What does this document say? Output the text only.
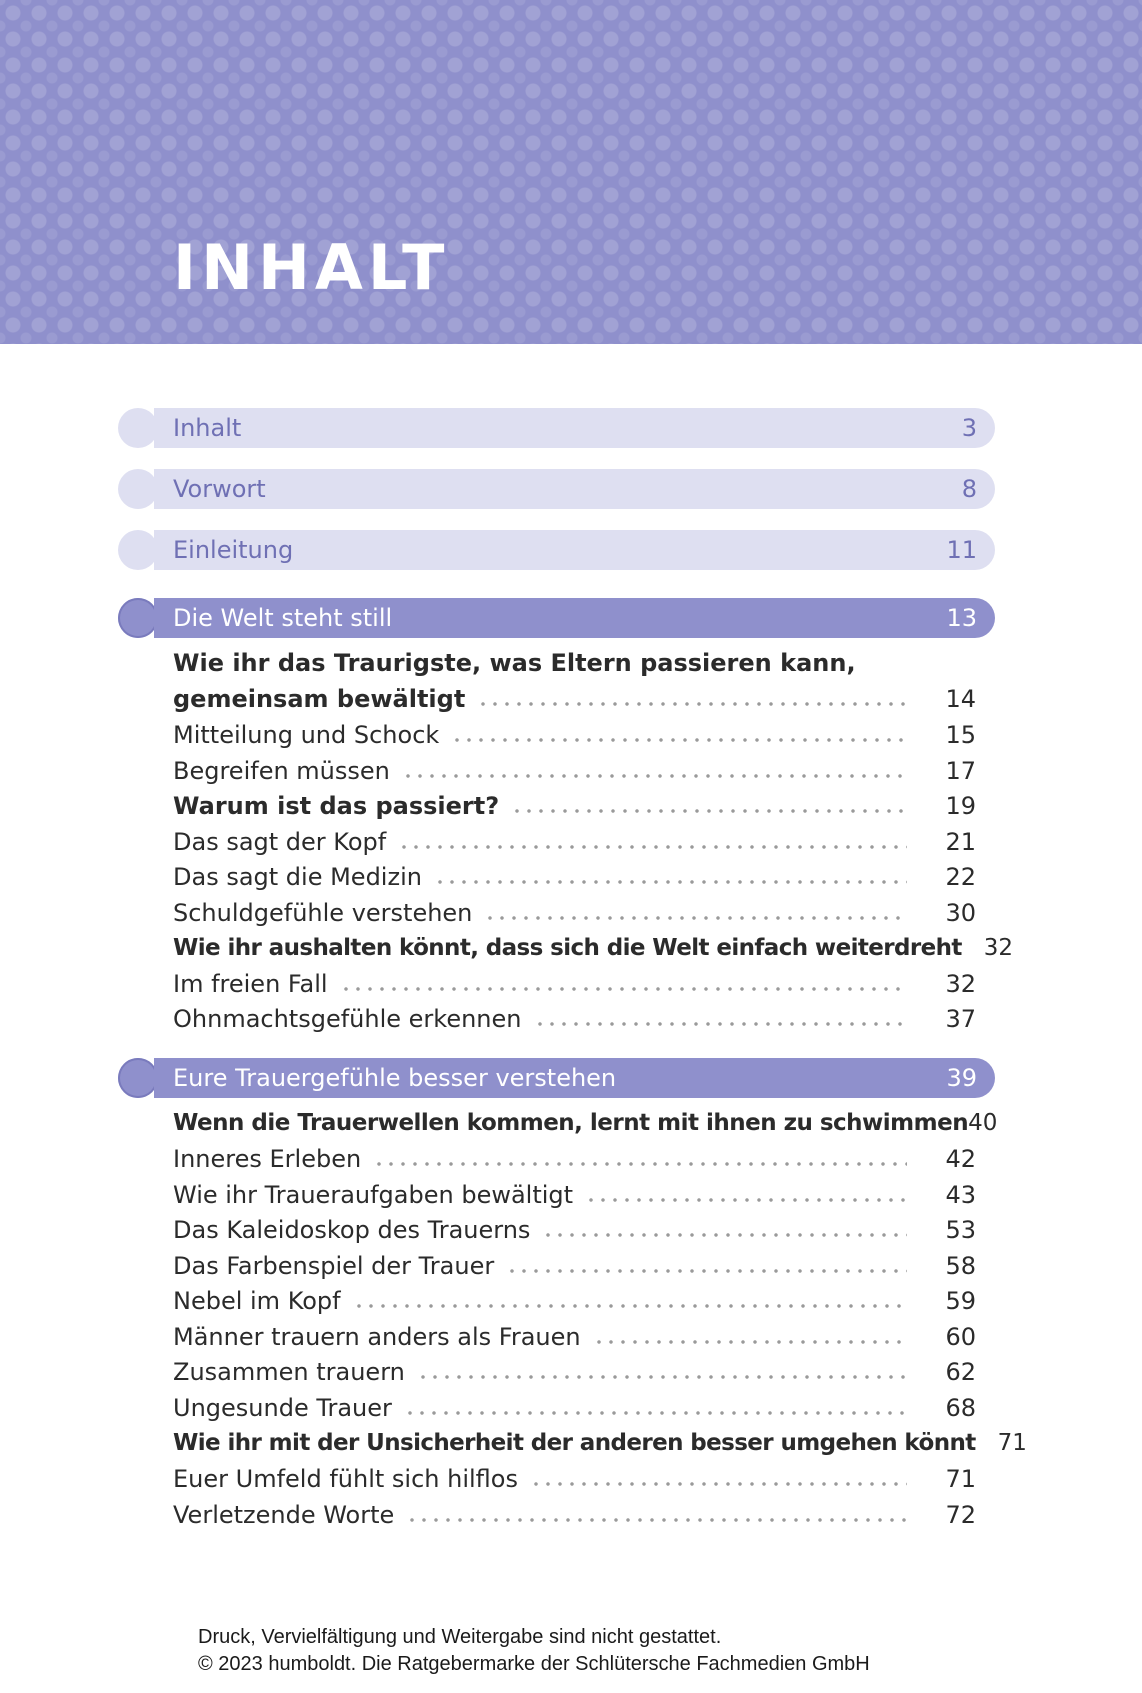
INHALT
Inhalt	3
Vorwort	8
Einleitung	11
Die Welt steht still	13
Wie ihr das Traurigste, was Eltern passieren kann,
gemeinsam bewältigt	14
Mitteilung und Schock	15
Begreifen müssen	17
Warum ist das passiert?	19
Das sagt der Kopf	21
Das sagt die Medizin	22
Schuldgefühle verstehen	30
Wie ihr aushalten könnt, dass sich die Welt einfach weiterdreht 32
Im freien Fall	32
Ohnmachtsgefühle erkennen	37
Eure Trauergefühle besser verstehen	39
Wenn die Trauerwellen kommen, lernt mit ihnen zu schwimmen 40
Inneres Erleben	42
Wie ihr Traueraufgaben bewältigt	43
Das Kaleidoskop des Trauerns	53
Das Farbenspiel der Trauer	58
Nebel im Kopf	59
Männer trauern anders als Frauen	60
Zusammen trauern	62
Ungesunde Trauer	68
Wie ihr mit der Unsicherheit der anderen besser umgehen könnt 71
Euer Umfeld fühlt sich hilflos	71
Verletzende Worte	72
Druck, Vervielfältigung und Weitergabe sind nicht gestattet.
© 2023 humboldt. Die Ratgebermarke der Schlütersche Fachmedien GmbH
